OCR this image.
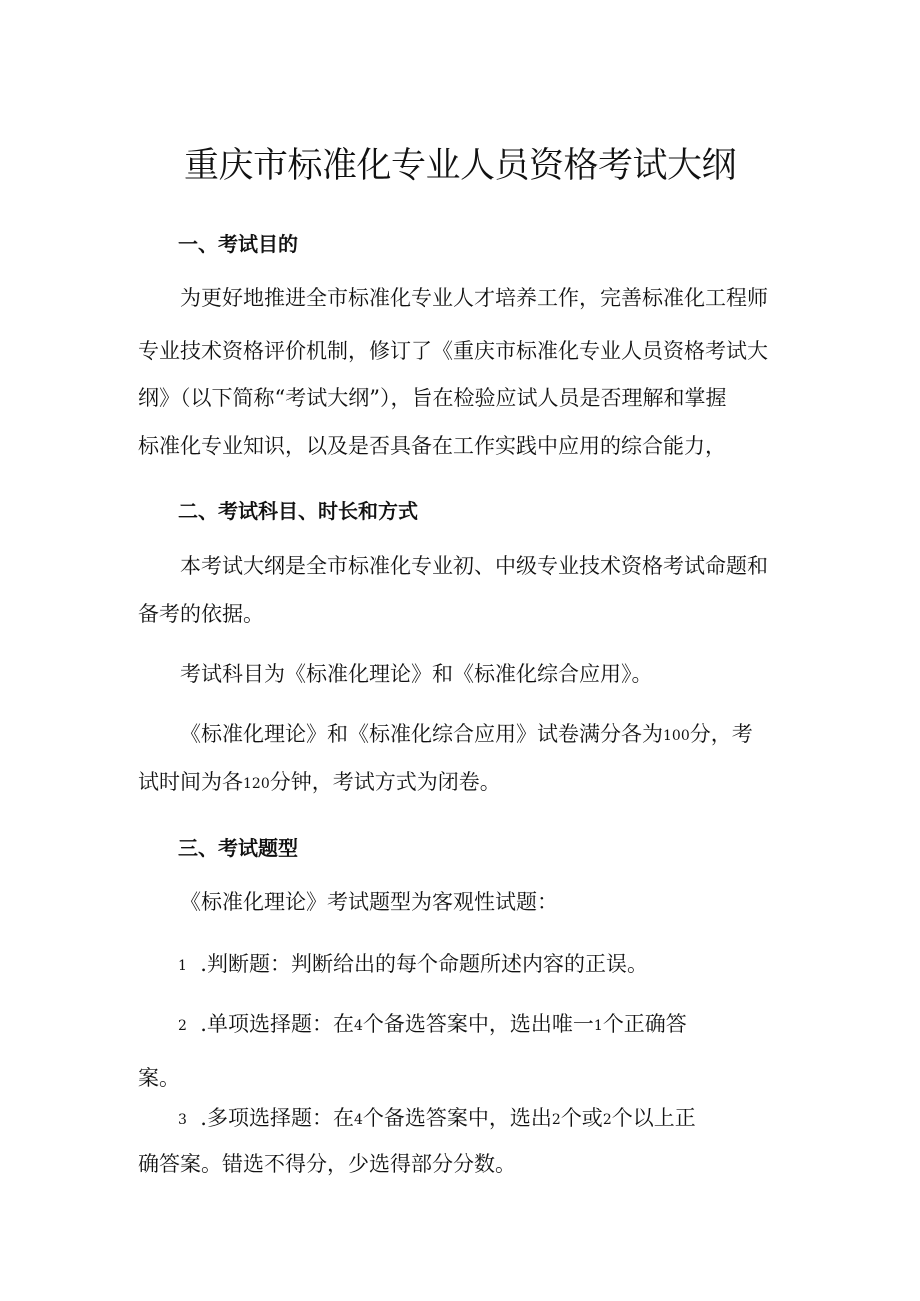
重庆市标准化专业人员资格考试大纲
一、考试目的

为更好地推进全市标准化专业人才培养工作，完善标准化工程师

专业技术资格评价机制，修订了《重庆市标准化专业人员资格考试大

纲》（以下简称“考试大纲”），旨在检验应试人员是否理解和掌握

标准化专业知识，以及是否具备在工作实践中应用的综合能力，

二、考试科目、时长和方式

本考试大纲是全市标准化专业初、中级专业技术资格考试命题和

备考的依据。

考试科目为《标准化理论》和《标准化综合应用》。

《标准化理论》和《标准化综合应用》试卷满分各为100分，考

试时间为各120分钟，考试方式为闭卷。

三、考试题型

《标准化理论》考试题型为客观性试题：

1 .判断题：判断给出的每个命题所述内容的正误。

2 .单项选择题：在4个备选答案中，选出唯一1个正确答

案。

3 .多项选择题：在4个备选答案中，选出2个或2个以上正

确答案。错选不得分，少选得部分分数。
